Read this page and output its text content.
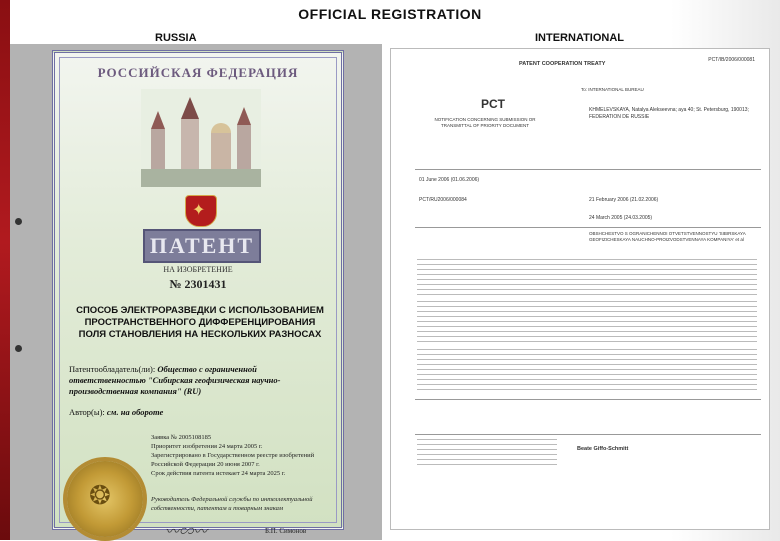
OFFICIAL REGISTRATION
RUSSIA	INTERNATIONAL
РОССИЙСКАЯ ФЕДЕРАЦИЯ
✦
ПАТЕНТ
НА ИЗОБРЕТЕНИЕ
№ 2301431
СПОСОБ ЭЛЕКТРОРАЗВЕДКИ С ИСПОЛЬЗОВАНИЕМ ПРОСТРАНСТВЕННОГО ДИФФЕРЕНЦИРОВАНИЯ ПОЛЯ СТАНОВЛЕНИЯ НА НЕСКОЛЬКИХ РАЗНОСАХ
Патентообладатель(ли): Общество с ограниченной ответственностью "Сибирская геофизическая научно-производственная компания" (RU)
Автор(ы): см. на обороте
Заявка № 2005108185
Приоритет изобретения 24 марта 2005 г.
Зарегистрировано в Государственном реестре изобретений Российской Федерации 20 июня 2007 г.
Срок действия патента истекает 24 марта 2025 г.
❂	Руководитель Федеральной службы по интеллектуальной собственности, патентам и товарным знакам
〰∽〰	Б.П. Симонов
PATENT COOPERATION TREATY
PCT/IB/2006/000081
PCT
NOTIFICATION CONCERNING SUBMISSION OR TRANSMITTAL OF PRIORITY DOCUMENT
To: INTERNATIONAL BUREAU
KHMELEVSKAYA, Natalya Alekseevna; aya 40; St. Petersburg, 190013; FEDERATION DE RUSSIE
01 June 2006 (01.06.2006)
PCT/RU2006/000084	21 February 2006 (21.02.2006)
24 March 2005 (24.03.2005)
OBSHCHESTVO S OGRANICHENNOI OTVETSTVENNOSTYU 'SIBIRSKAYA GEOFIZICHESKAYA NAUCHNO-PROIZVODSTVENNAYA KOMPANIYA' et al
Beate Giffo-Schmitt
